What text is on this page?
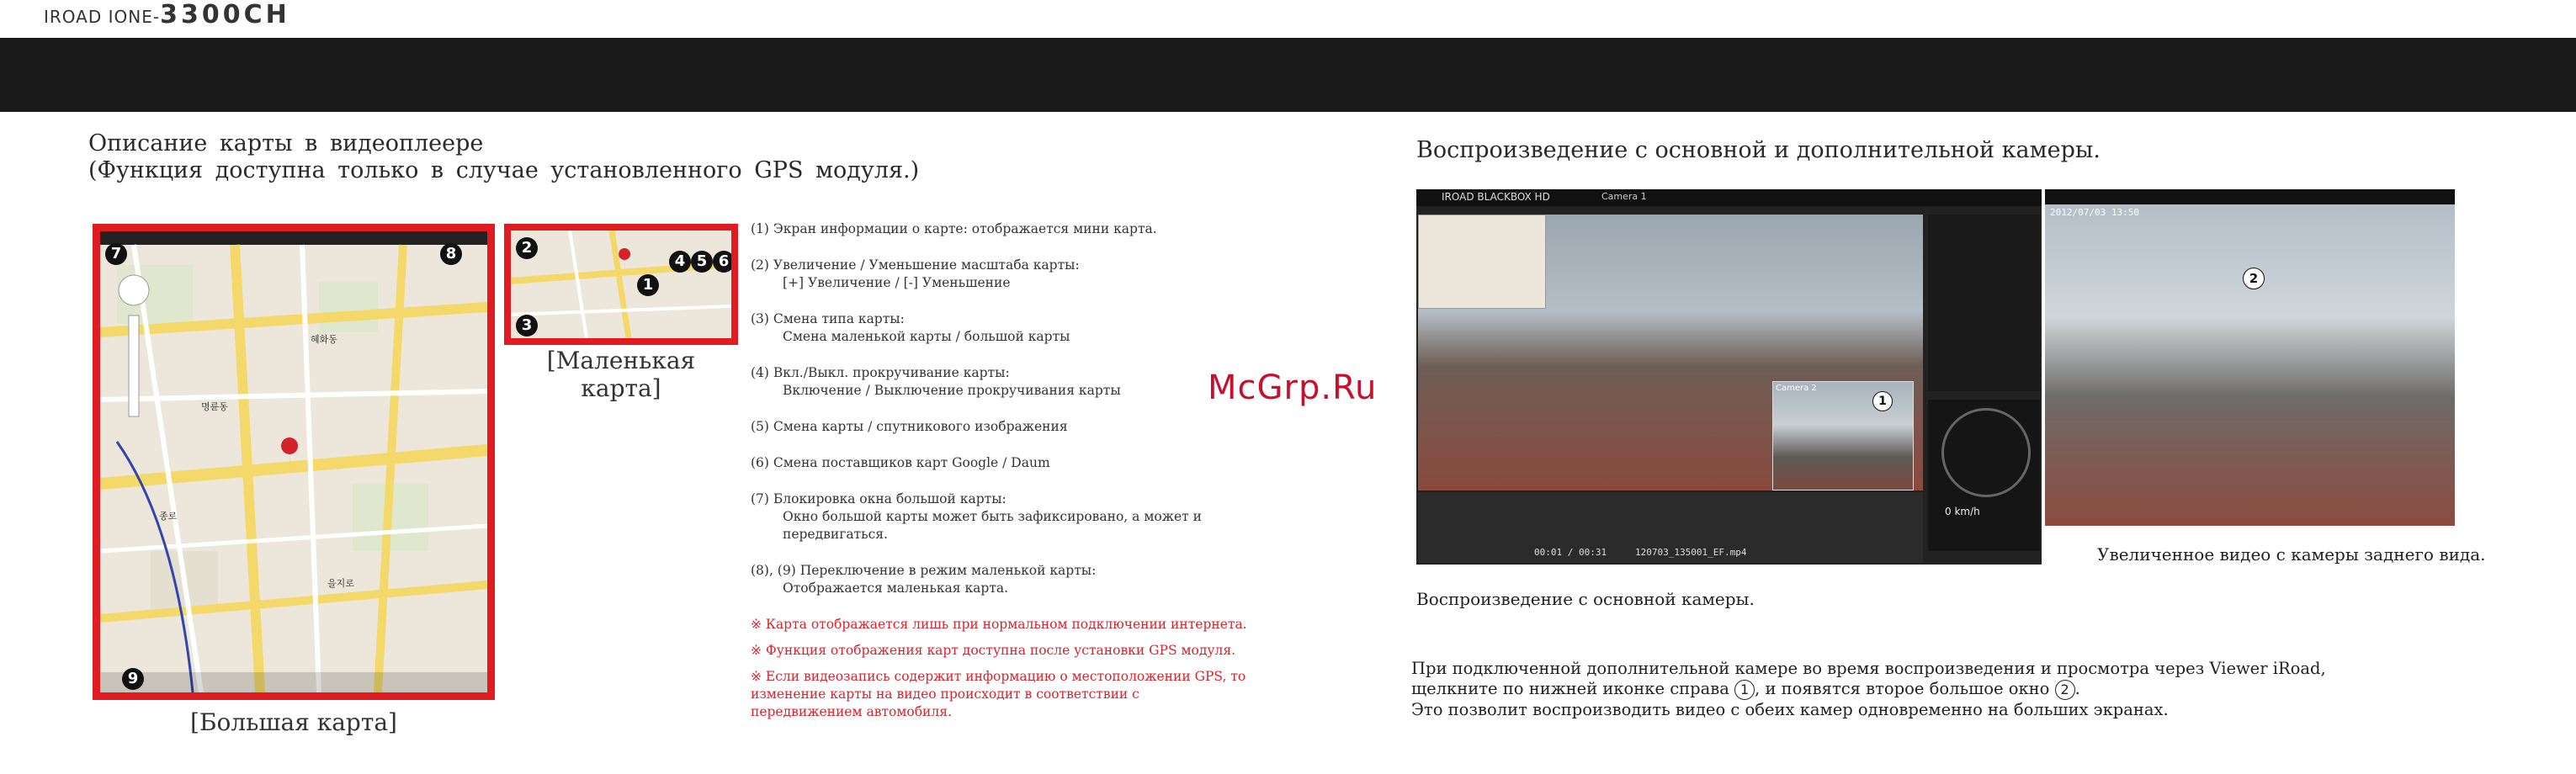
IROAD IONE-3300CH
Описание карты в видеоплеере
(Функция доступна только в случае установленного GPS модуля.)
명륜동
혜화동
종로
을지로
7	8
9
[Большая карта]
2
1
3
4 5 6
[Маленькая карта]

(1) Экран информации о карте: отображается мини карта.

(2) Увеличение / Уменьшение масштаба карты:
[+] Увеличение / [-] Уменьшение

(3) Смена типа карты:
Смена маленькой карты / большой карты

(4) Вкл./Выкл. прокручивание карты:
Включение / Выключение прокручивания карты

(5) Смена карты / спутникового изображения

(6) Смена поставщиков карт Google / Daum

(7) Блокировка окна большой карты:
Окно большой карты может быть зафиксировано, а может и передвигаться.

(8), (9) Переключение в режим маленькой карты:
Отображается маленькая карта.

※ Карта отображается лишь при нормальном подключении интернета.

※ Функция отображения карт доступна после установки GPS модуля.

※ Если видеозапись содержит информацию о местоположении GPS, то изменение карты на видео происходит в соответствии с передвижением автомобиля.

McGrp.Ru
Воспроизведение с основной и дополнительной камеры.
IROAD BLACKBOX HD	Camera 1
Camera 2
1
0 km/h
00:01 / 00:31	120703_135001_EF.mp4
2012/07/03 13:50
2
Увеличенное видео с камеры заднего вида.
Воспроизведение с основной камеры.
При подключенной дополнительной камере во время воспроизведения и просмотра через Viewer iRoad,
щелкните по нижней иконке справа 1 , и появятся второе большое окно 2 .
Это позволит воспроизводить видео с обеих камер одновременно на больших экранах.
